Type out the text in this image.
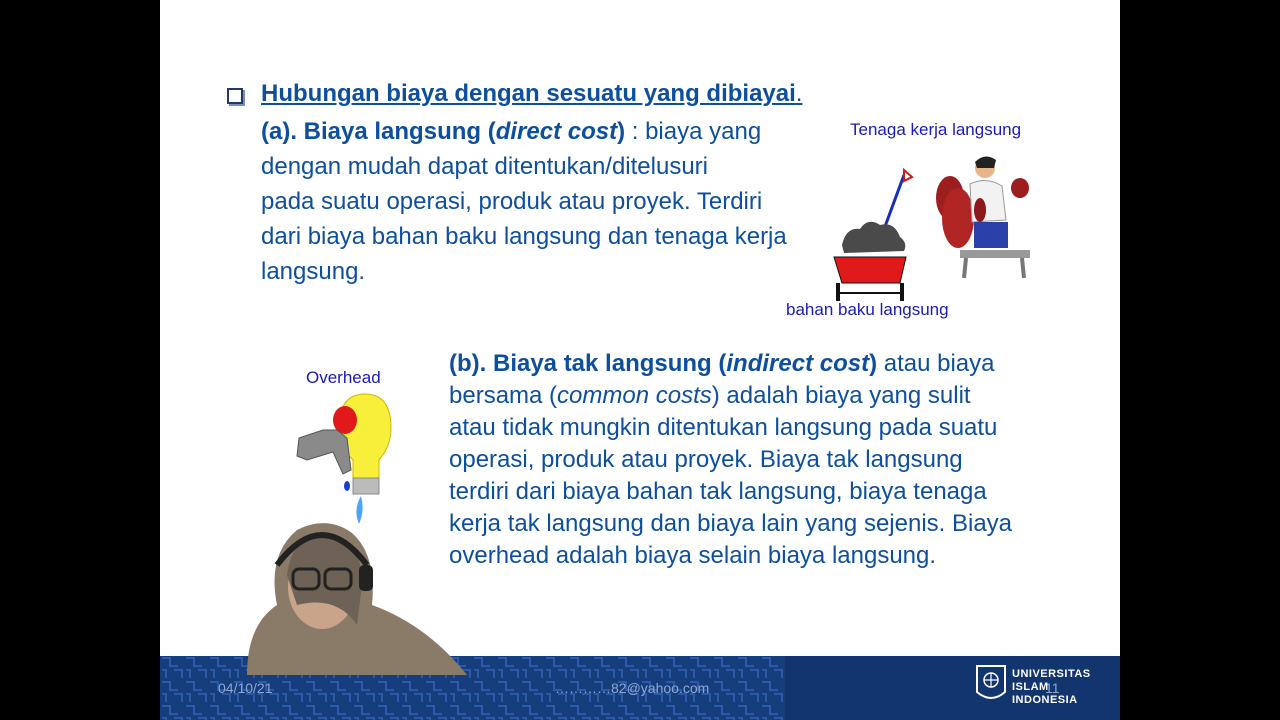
Hubungan biaya dengan sesuatu yang dibiayai.

(a). Biaya langsung (direct cost) : biaya yang

dengan mudah dapat ditentukan/ditelusuri

pada suatu operasi, produk atau proyek. Terdiri

dari biaya bahan baku langsung dan tenaga kerja

langsung.

Tenaga kerja langsung
bahan baku langsung
Overhead

(b). Biaya tak langsung (indirect cost) atau biaya

bersama (common costs) adalah biaya yang sulit

atau tidak mungkin ditentukan langsung pada suatu

operasi, produk atau proyek. Biaya tak langsung

terdiri dari biaya bahan tak langsung, biaya tenaga

kerja tak langsung dan biaya lain yang sejenis. Biaya

overhead adalah biaya selain biaya langsung.

04/10/21	…………82@yahoo.com	11

UNIVERSITAS

ISLAM

INDONESIA
